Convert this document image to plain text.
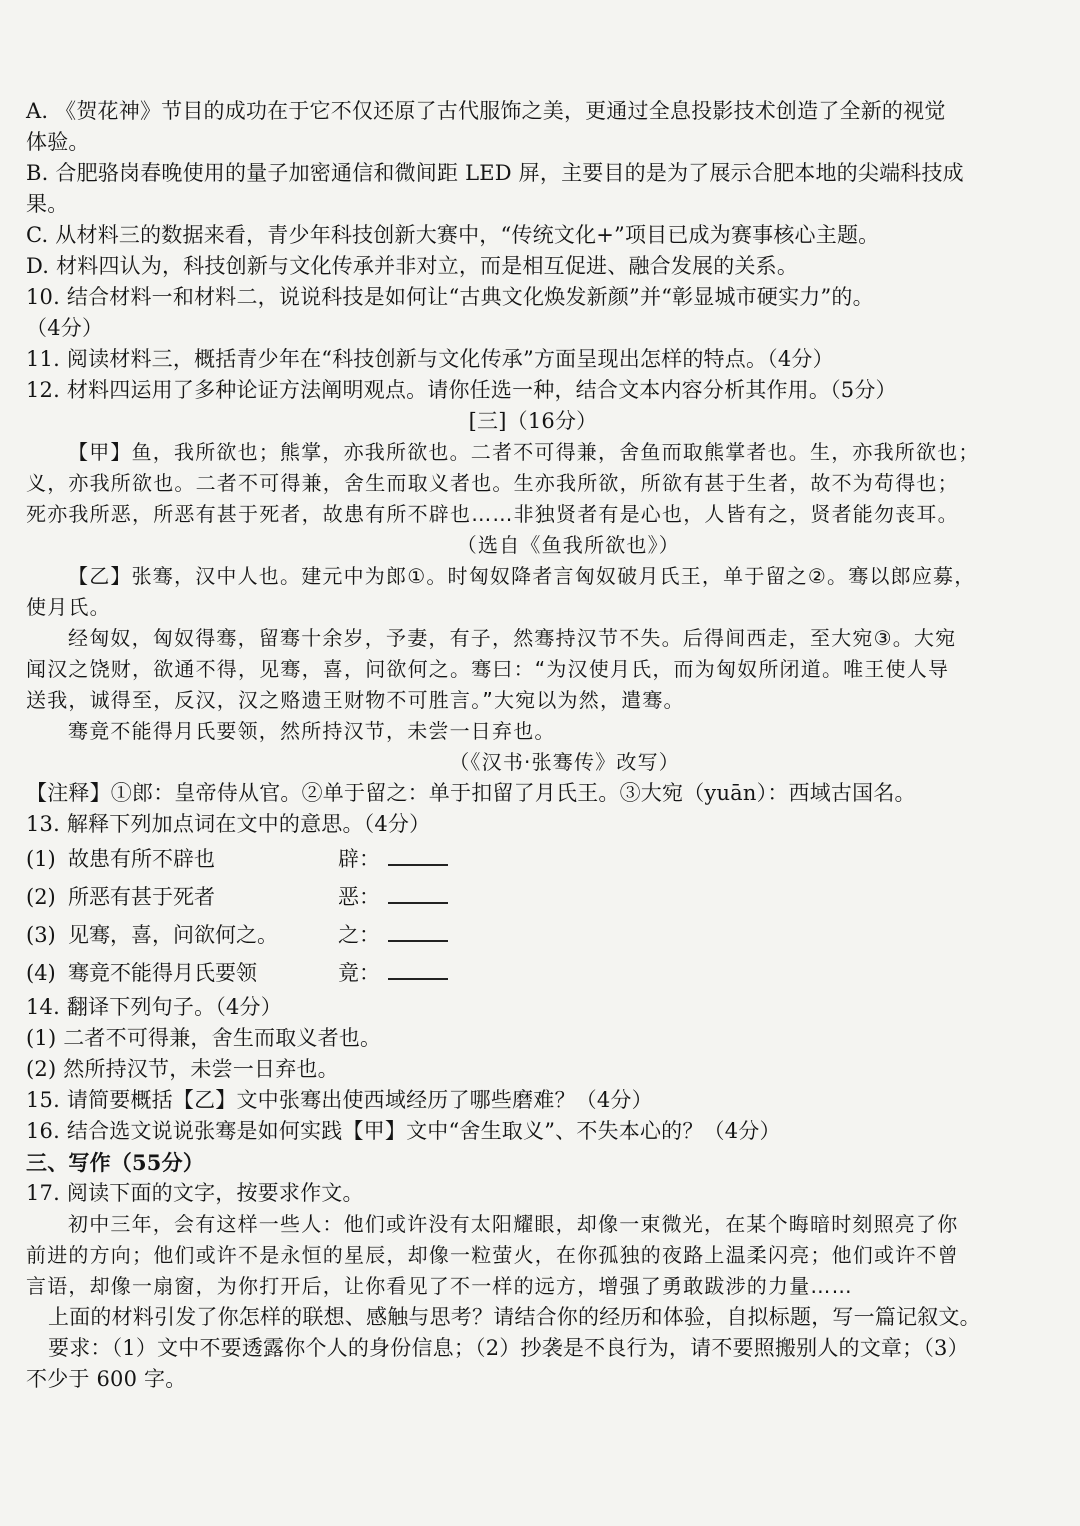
A. 《贺花神》节目的成功在于它不仅还原了古代服饰之美，更通过全息投影技术创造了全新的视觉
体验。
B. 合肥骆岗春晚使用的量子加密通信和微间距 LED 屏，主要目的是为了展示合肥本地的尖端科技成
果。
C. 从材料三的数据来看，青少年科技创新大赛中，“传统文化+”项目已成为赛事核心主题。
D. 材料四认为，科技创新与文化传承并非对立，而是相互促进、融合发展的关系。
10. 结合材料一和材料二，说说科技是如何让“古典文化焕发新颜”并“彰显城市硬实力”的。
（4分）
11. 阅读材料三，概括青少年在“科技创新与文化传承”方面呈现出怎样的特点。（4分）
12. 材料四运用了多种论证方法阐明观点。请你任选一种，结合文本内容分析其作用。（5分）
[三]（16分）
【甲】鱼，我所欲也；熊掌，亦我所欲也。二者不可得兼，舍鱼而取熊掌者也。生，亦我所欲也；
义，亦我所欲也。二者不可得兼，舍生而取义者也。生亦我所欲，所欲有甚于生者，故不为苟得也；
死亦我所恶，所恶有甚于死者，故患有所不辟也……非独贤者有是心也，人皆有之，贤者能勿丧耳。
（选自《鱼我所欲也》）
【乙】张骞，汉中人也。建元中为郎①。时匈奴降者言匈奴破月氏王，单于留之②。骞以郎应募，
使月氏。
经匈奴，匈奴得骞，留骞十余岁，予妻，有子，然骞持汉节不失。后得间西走，至大宛③。大宛
闻汉之饶财，欲通不得，见骞，喜，问欲何之。骞曰：“为汉使月氏，而为匈奴所闭道。唯王使人导
送我，诚得至，反汉，汉之赂遗王财物不可胜言。”大宛以为然，遣骞。
骞竟不能得月氏要领，然所持汉节，未尝一日弃也。
（《汉书·张骞传》改写）
【注释】①郎：皇帝侍从官。②单于留之：单于扣留了月氏王。③大宛（yuān）：西域古国名。
13. 解释下列加点词在文中的意思。（4分）
(1) 故患有所不辟也	辟：
(2) 所恶有甚于死者	恶：
(3) 见骞，喜，问欲何之。	之：
(4) 骞竟不能得月氏要领	竟：
14. 翻译下列句子。（4分）
(1) 二者不可得兼，舍生而取义者也。
(2) 然所持汉节，未尝一日弃也。
15. 请简要概括【乙】文中张骞出使西域经历了哪些磨难？（4分）
16. 结合选文说说张骞是如何实践【甲】文中“舍生取义”、不失本心的？（4分）
三、写作（55分）
17. 阅读下面的文字，按要求作文。
初中三年，会有这样一些人：他们或许没有太阳耀眼，却像一束微光，在某个晦暗时刻照亮了你
前进的方向；他们或许不是永恒的星辰，却像一粒萤火，在你孤独的夜路上温柔闪亮；他们或许不曾
言语，却像一扇窗，为你打开后，让你看见了不一样的远方，增强了勇敢跋涉的力量……
上面的材料引发了你怎样的联想、感触与思考？请结合你的经历和体验，自拟标题，写一篇记叙文。
要求：（1）文中不要透露你个人的身份信息；（2）抄袭是不良行为，请不要照搬别人的文章；（3）
不少于 600 字。
